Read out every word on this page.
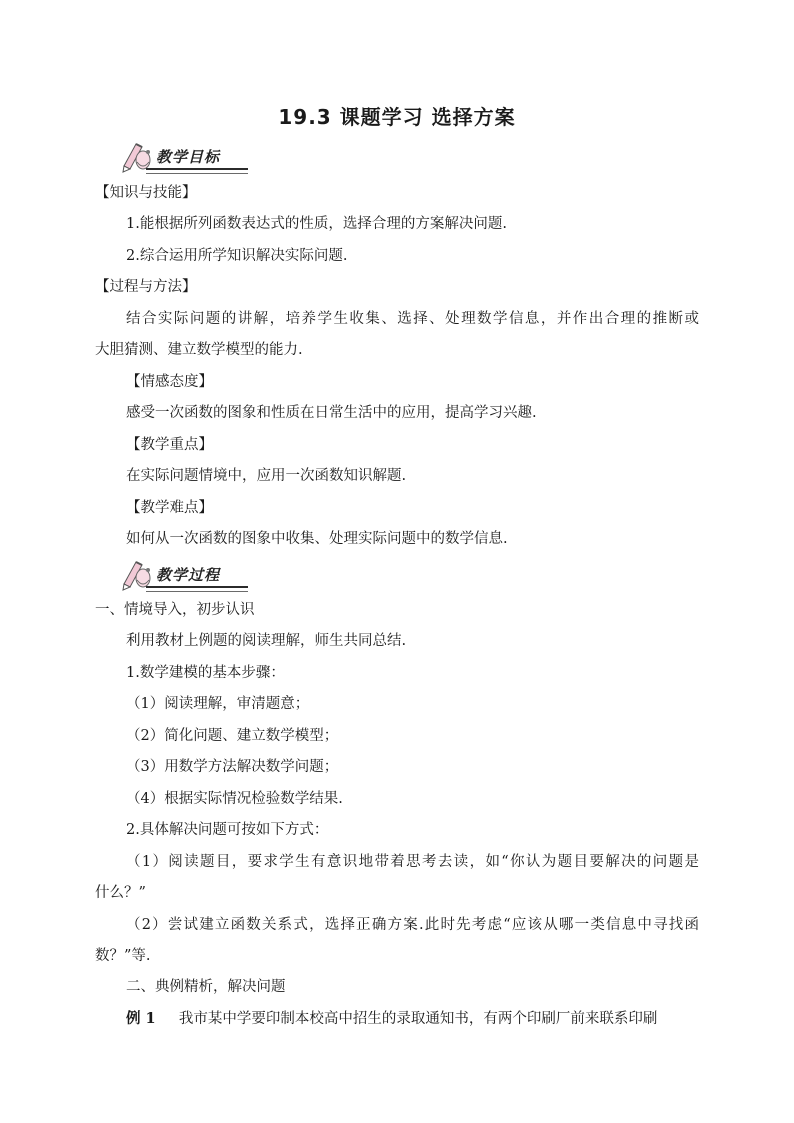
19.3 课题学习 选择方案
教学目标
【知识与技能】
1.能根据所列函数表达式的性质，选择合理的方案解决问题.
2.综合运用所学知识解决实际问题.
【过程与方法】
结合实际问题的讲解，培养学生收集、选择、处理数学信息，并作出合理的推断或
大胆猜测、建立数学模型的能力.
【情感态度】
感受一次函数的图象和性质在日常生活中的应用，提高学习兴趣.
【教学重点】
在实际问题情境中，应用一次函数知识解题.
【教学难点】
如何从一次函数的图象中收集、处理实际问题中的数学信息.
教学过程
一、情境导入，初步认识
利用教材上例题的阅读理解，师生共同总结.
1.数学建模的基本步骤：
（1）阅读理解，审清题意；
（2）简化问题、建立数学模型；
（3）用数学方法解决数学问题；
（4）根据实际情况检验数学结果.
2.具体解决问题可按如下方式：
（1）阅读题目，要求学生有意识地带着思考去读，如“你认为题目要解决的问题是
什么？”
（2）尝试建立函数关系式，选择正确方案.此时先考虑“应该从哪一类信息中寻找函
数？”等.
二、典例精析，解决问题
例 1 我市某中学要印制本校高中招生的录取通知书，有两个印刷厂前来联系印刷
